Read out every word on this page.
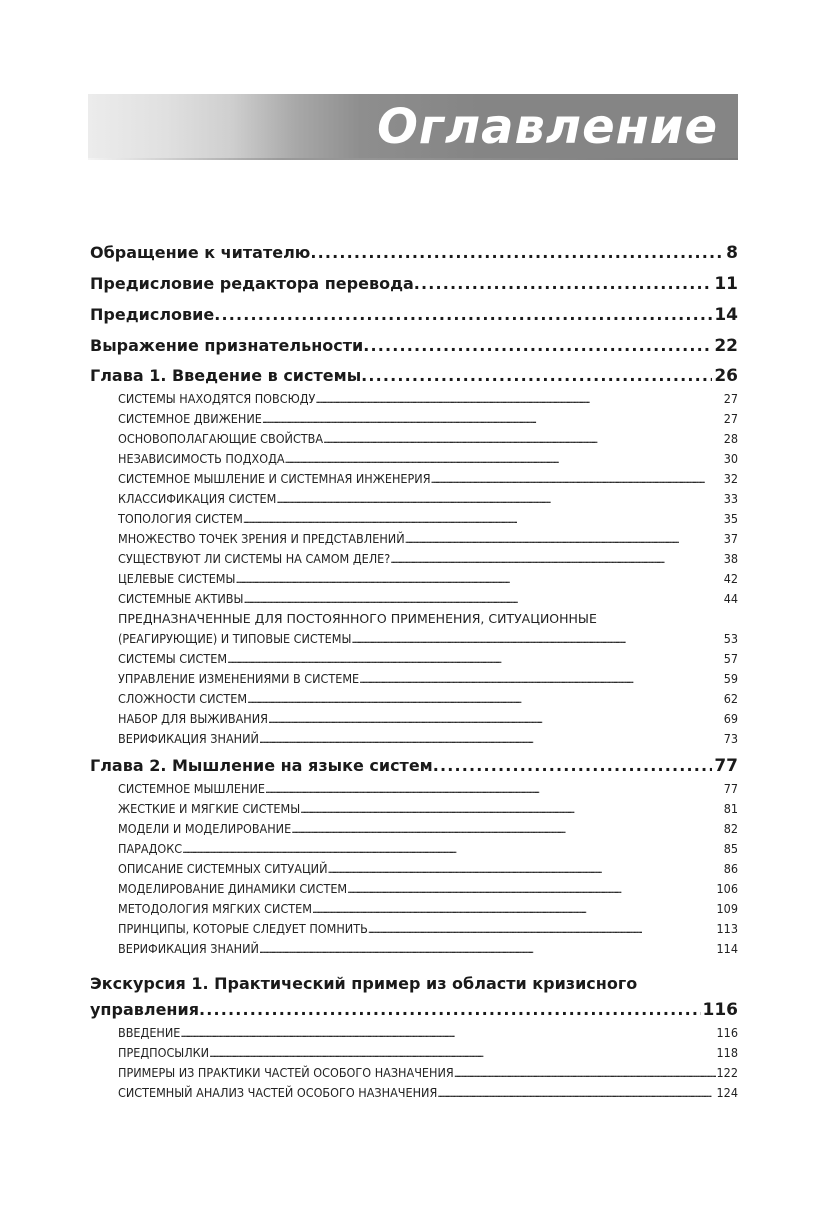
Оглавление
Обращение к читателю . . .	8
Предисловие редактора перевода . . .	11
Предисловие . . .	14
Выражение признательности . . .	22
Глава 1. Введение в системы . . .	26
СИСТЕМЫ НАХОДЯТСЯ ПОВСЮДУ . . .	27
СИСТЕМНОЕ ДВИЖЕНИЕ . . .	27
ОСНОВОПОЛАГАЮЩИЕ СВОЙСТВА . . .	28
НЕЗАВИСИМОСТЬ ПОДХОДА . . .	30
СИСТЕМНОЕ МЫШЛЕНИЕ И СИСТЕМНАЯ ИНЖЕНЕРИЯ . . .	32
КЛАССИФИКАЦИЯ СИСТЕМ . . .	33
ТОПОЛОГИЯ СИСТЕМ . . .	35
МНОЖЕСТВО ТОЧЕК ЗРЕНИЯ И ПРЕДСТАВЛЕНИЙ . . .	37
СУЩЕСТВУЮТ ЛИ СИСТЕМЫ НА САМОМ ДЕЛЕ? . . .	38
ЦЕЛЕВЫЕ СИСТЕМЫ . . .	42
СИСТЕМНЫЕ АКТИВЫ . . .	44
ПРЕДНАЗНАЧЕННЫЕ ДЛЯ ПОСТОЯННОГО ПРИМЕНЕНИЯ, СИТУАЦИОННЫЕ
(РЕАГИРУЮЩИЕ) И ТИПОВЫЕ СИСТЕМЫ . . .	53
СИСТЕМЫ СИСТЕМ . . .	57
УПРАВЛЕНИЕ ИЗМЕНЕНИЯМИ В СИСТЕМЕ . . .	59
СЛОЖНОСТИ СИСТЕМ . . .	62
НАБОР ДЛЯ ВЫЖИВАНИЯ . . .	69
ВЕРИФИКАЦИЯ ЗНАНИЙ . . .	73
Глава 2. Мышление на языке систем . . .	77
СИСТЕМНОЕ МЫШЛЕНИЕ . . .	77
ЖЕСТКИЕ И МЯГКИЕ СИСТЕМЫ . . .	81
МОДЕЛИ И МОДЕЛИРОВАНИЕ . . .	82
ПАРАДОКС . . .	85
ОПИСАНИЕ СИСТЕМНЫХ СИТУАЦИЙ . . .	86
МОДЕЛИРОВАНИЕ ДИНАМИКИ СИСТЕМ . . .	106
МЕТОДОЛОГИЯ МЯГКИХ СИСТЕМ . . .	109
ПРИНЦИПЫ, КОТОРЫЕ СЛЕДУЕТ ПОМНИТЬ . . .	113
ВЕРИФИКАЦИЯ ЗНАНИЙ . . .	114
Экскурсия 1. Практический пример из области кризисного
управления . . .	116
ВВЕДЕНИЕ . . .	116
ПРЕДПОСЫЛКИ . . .	118
ПРИМЕРЫ ИЗ ПРАКТИКИ ЧАСТЕЙ ОСОБОГО НАЗНАЧЕНИЯ . . .	122
СИСТЕМНЫЙ АНАЛИЗ ЧАСТЕЙ ОСОБОГО НАЗНАЧЕНИЯ . . .	124
